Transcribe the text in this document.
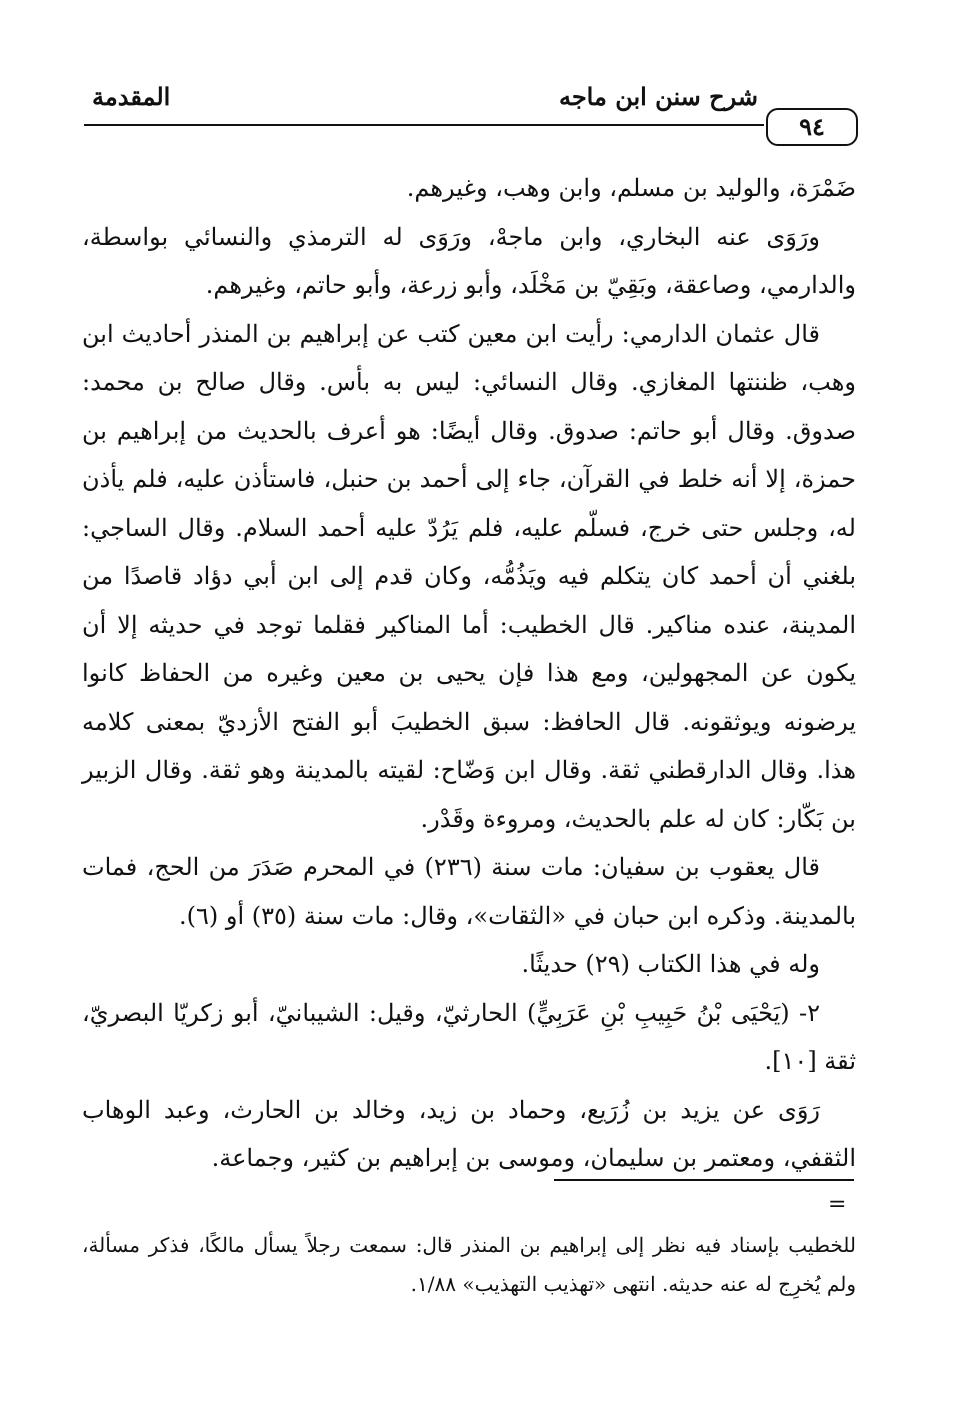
شرح سنن ابن ماجه
المقدمة
٩٤

ضَمْرَة، والوليد بن مسلم، وابن وهب، وغيرهم.

ورَوَى عنه البخاري، وابن ماجهْ، ورَوَى له الترمذي والنسائي بواسطة، والدارمي، وصاعقة، وبَقِيّ بن مَخْلَد، وأبو زرعة، وأبو حاتم، وغيرهم.

قال عثمان الدارمي: رأيت ابن معين كتب عن إبراهيم بن المنذر أحاديث ابن وهب، ظننتها المغازي. وقال النسائي: ليس به بأس. وقال صالح بن محمد: صدوق. وقال أبو حاتم: صدوق. وقال أيضًا: هو أعرف بالحديث من إبراهيم بن حمزة، إلا أنه خلط في القرآن، جاء إلى أحمد بن حنبل، فاستأذن عليه، فلم يأذن له، وجلس حتى خرج، فسلّم عليه، فلم يَرُدّ عليه أحمد السلام. وقال الساجي: بلغني أن أحمد كان يتكلم فيه ويَذُمُّه، وكان قدم إلى ابن أبي دؤاد قاصدًا من المدينة، عنده مناكير. قال الخطيب: أما المناكير فقلما توجد في حديثه إلا أن يكون عن المجهولين، ومع هذا فإن يحيى بن معين وغيره من الحفاظ كانوا يرضونه ويوثقونه. قال الحافظ: سبق الخطيبَ أبو الفتح الأزديّ بمعنى كلامه هذا. وقال الدارقطني ثقة. وقال ابن وَضّاح: لقيته بالمدينة وهو ثقة. وقال الزبير بن بَكّار: كان له علم بالحديث، ومروءة وقَدْر.

قال يعقوب بن سفيان: مات سنة (٢٣٦) في المحرم صَدَرَ من الحج، فمات بالمدينة. وذكره ابن حبان في «الثقات»، وقال: مات سنة (٣٥) أو (٦).

وله في هذا الكتاب (٢٩) حديثًا.

٢- (يَحْيَى بْنُ حَبِيبِ بْنِ عَرَبِيٍّ) الحارثيّ، وقيل: الشيبانيّ، أبو زكريّا البصريّ، ثقة [١٠].

رَوَى عن يزيد بن زُرَيع، وحماد بن زيد، وخالد بن الحارث، وعبد الوهاب الثقفي، ومعتمر بن سليمان، وموسى بن إبراهيم بن كثير، وجماعة.

=

للخطيب بإسناد فيه نظر إلى إبراهيم بن المنذر قال: سمعت رجلاً يسأل مالكًا، فذكر مسألة، ولم يُخرِج له عنه حديثه. انتهى «تهذيب التهذيب» ١/٨٨.
